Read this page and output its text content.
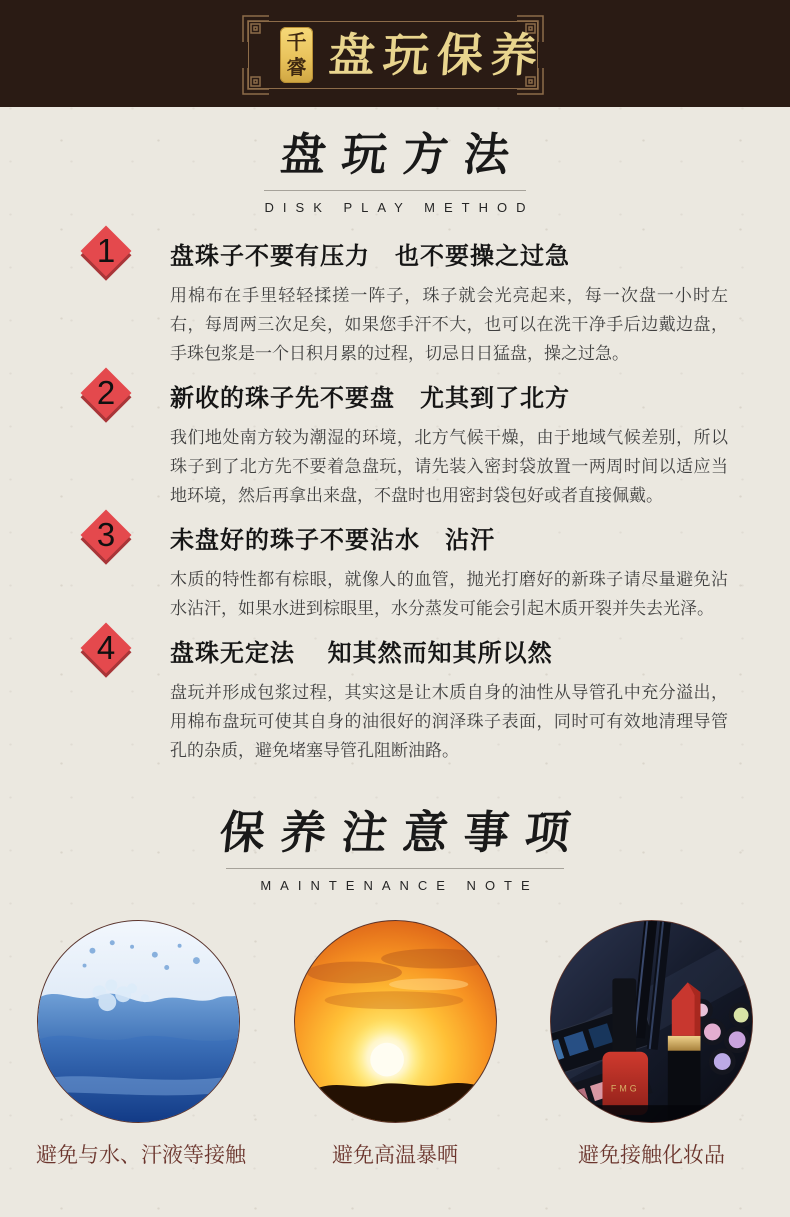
千
睿 盘玩保养
盘玩方法
DISK PLAY METHOD
1	盘珠子不要有压力　也不要操之过急

用棉布在手里轻轻揉搓一阵子，珠子就会光亮起来，每一次盘一小时左右，每周两三次足矣，如果您手汗不大，也可以在洗干净手后边戴边盘，手珠包浆是一个日积月累的过程，切忌日日猛盘，操之过急。

2	新收的珠子先不要盘　尤其到了北方

我们地处南方较为潮湿的环境，北方气候干燥，由于地域气候差别，所以珠子到了北方先不要着急盘玩，请先装入密封袋放置一两周时间以适应当地环境，然后再拿出来盘，不盘时也用密封袋包好或者直接佩戴。

3	未盘好的珠子不要沾水　沾汗

木质的特性都有棕眼，就像人的血管，抛光打磨好的新珠子请尽量避免沾水沾汗，如果水进到棕眼里，水分蒸发可能会引起木质开裂并失去光泽。

4	盘珠无定法　 知其然而知其所以然

盘玩并形成包浆过程，其实这是让木质自身的油性从导管孔中充分溢出，用棉布盘玩可使其自身的油很好的润泽珠子表面，同时可有效地清理导管孔的杂质，避免堵塞导管孔阻断油路。

保养注意事项
MAINTENANCE NOTE
避免与水、汗液等接触	避免高温暴晒
FMG
避免接触化妆品
